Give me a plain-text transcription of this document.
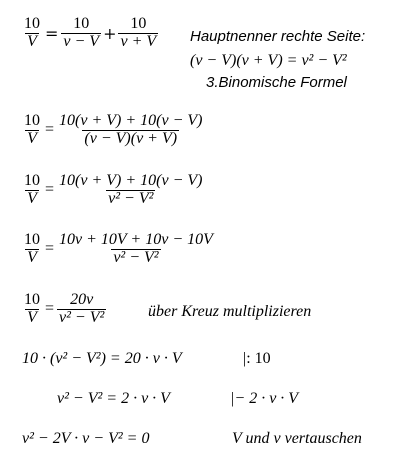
$\frac{10}{V} = \frac{10}{v - V} + \frac{10}{v + V}$ Hauptnenner rechte Seite:
(v − V)(v + V) = v² − V²
3.Binomische Formel
$\frac{10}{V} = \frac{10(v + V) + 10(v - V)}{(v - V)(v + V)}$
$\frac{10}{V} = \frac{10(v + V) + 10(v - V)}{\text{v² − V²}}$
$\frac{10}{V} = \frac{10v + 10V + 10v - 10V}{\text{v² − V²}}$
$\frac{10}{V} = \frac{20v}{\text{v² − V²}}$	über Kreuz multiplizieren
10 · (v² − V²) = 20 · v · V	|: 10
v² − V² = 2 · v · V	|− 2 · v · V
v² − 2V · v − V² = 0	V und v vertauschen
